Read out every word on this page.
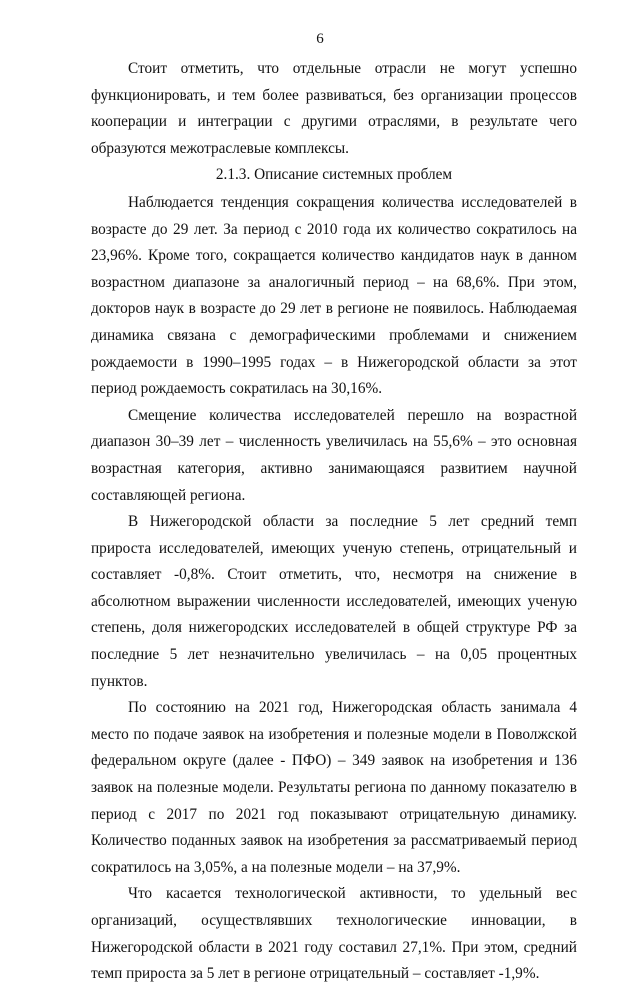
6

Стоит отметить, что отдельные отрасли не могут успешно функционировать, и тем более развиваться, без организации процессов кооперации и интеграции с другими отраслями, в результате чего образуются межотраслевые комплексы.

2.1.3. Описание системных проблем

Наблюдается тенденция сокращения количества исследователей в возрасте до 29 лет. За период с 2010 года их количество сократилось на 23,96%. Кроме того, сокращается количество кандидатов наук в данном возрастном диапазоне за аналогичный период – на 68,6%. При этом, докторов наук в возрасте до 29 лет в регионе не появилось. Наблюдаемая динамика связана с демографическими проблемами и снижением рождаемости в 1990–1995 годах – в Нижегородской области за этот период рождаемость сократилась на 30,16%.

Смещение количества исследователей перешло на возрастной диапазон 30–39 лет – численность увеличилась на 55,6% – это основная возрастная категория, активно занимающаяся развитием научной составляющей региона.

В Нижегородской области за последние 5 лет средний темп прироста исследователей, имеющих ученую степень, отрицательный и составляет -0,8%. Стоит отметить, что, несмотря на снижение в абсолютном выражении численности исследователей, имеющих ученую степень, доля нижегородских исследователей в общей структуре РФ за последние 5 лет незначительно увеличилась – на 0,05 процентных пунктов.

По состоянию на 2021 год, Нижегородская область занимала 4 место по подаче заявок на изобретения и полезные модели в Поволжской федеральном округе (далее - ПФО) – 349 заявок на изобретения и 136 заявок на полезные модели. Результаты региона по данному показателю в период с 2017 по 2021 год показывают отрицательную динамику. Количество поданных заявок на изобретения за рассматриваемый период сократилось на 3,05%, а на полезные модели – на 37,9%.

Что касается технологической активности, то удельный вес организаций, осуществлявших технологические инновации, в Нижегородской области в 2021 году составил 27,1%. При этом, средний темп прироста за 5 лет в регионе отрицательный – составляет -1,9%.
